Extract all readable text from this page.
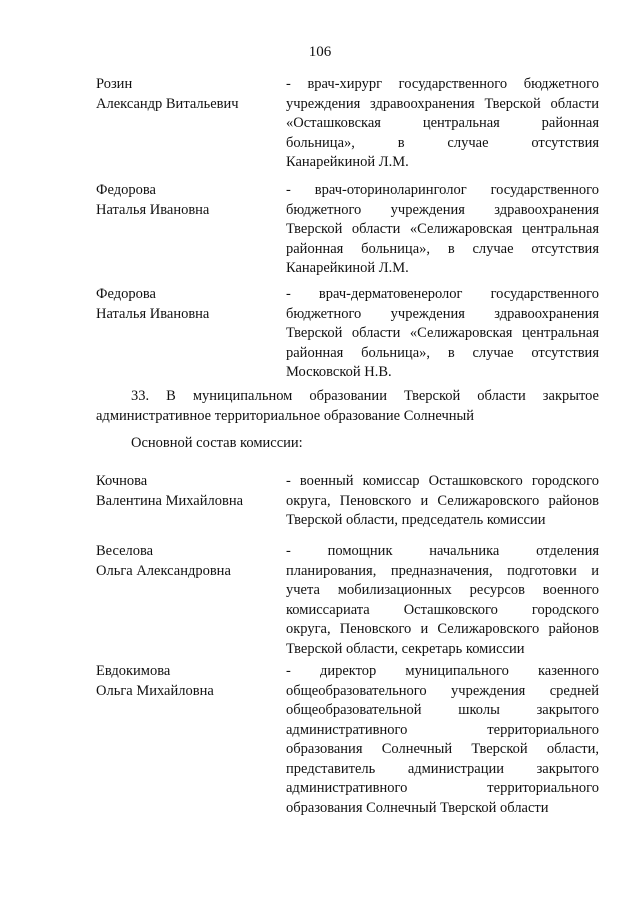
106
Розин
Александр Витальевич
- врач-хирург государственного бюджетного
учреждения здравоохранения Тверской области
«Осташковская центральная районная
больница», в случае отсутствия
Канарейкиной Л.М.
Федорова
Наталья Ивановна
- врач-оториноларинголог государственного
бюджетного учреждения здравоохранения
Тверской области «Селижаровская центральная
районная больница», в случае отсутствия
Канарейкиной Л.М.
Федорова
Наталья Ивановна
- врач-дерматовенеролог государственного
бюджетного учреждения здравоохранения
Тверской области «Селижаровская центральная
районная больница», в случае отсутствия
Московской Н.В.
33. В муниципальном образовании Тверской области закрытое
административное территориальное образование Солнечный
Основной состав комиссии:
Кочнова
Валентина Михайловна
- военный комиссар Осташковского городского
округа, Пеновского и Селижаровского районов
Тверской области, председатель комиссии
Веселова
Ольга Александровна
- помощник начальника отделения
планирования, предназначения, подготовки и
учета мобилизационных ресурсов военного
комиссариата Осташковского городского
округа, Пеновского и Селижаровского районов
Тверской области, секретарь комиссии
Евдокимова
Ольга Михайловна
- директор муниципального казенного
общеобразовательного учреждения средней
общеобразовательной школы закрытого
административного территориального
образования Солнечный Тверской области,
представитель администрации закрытого
административного территориального
образования Солнечный Тверской области
